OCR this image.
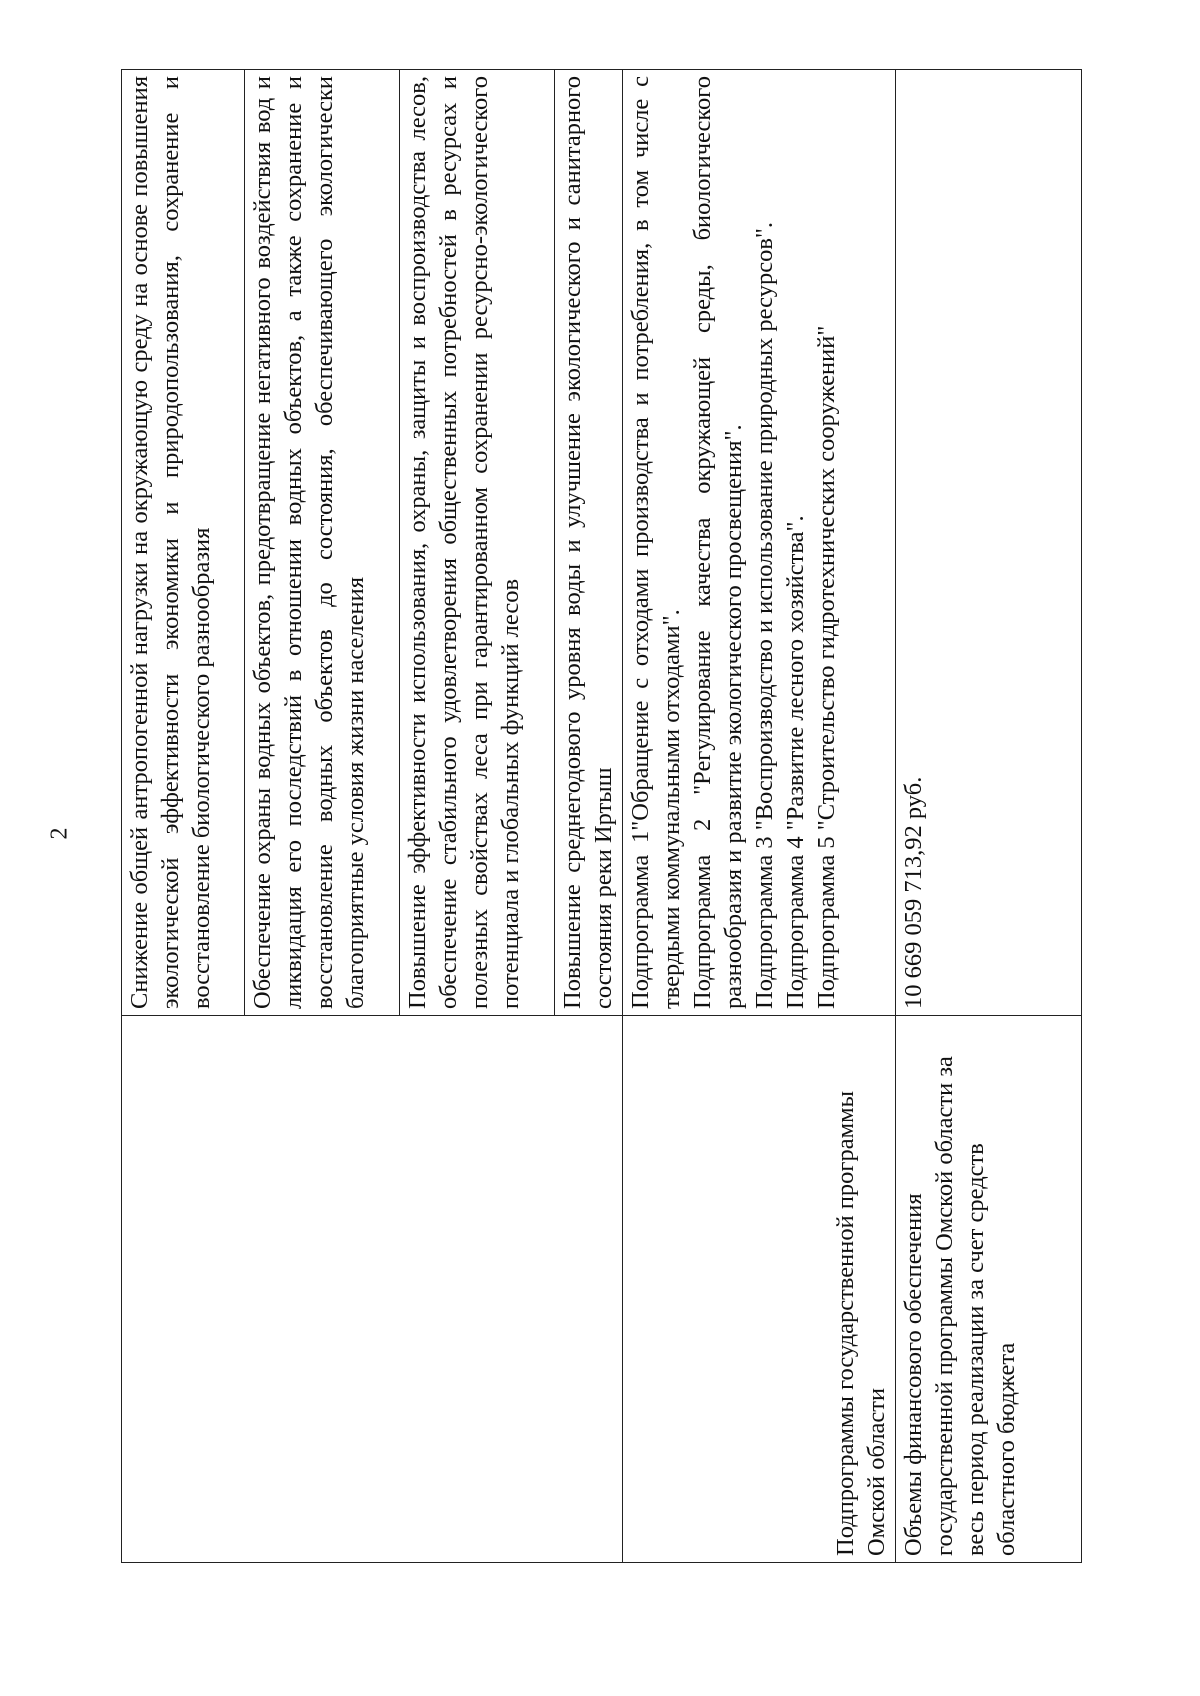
2
	Снижение общей антропогенной нагрузки на окружающую среду на основе повышения экологической эффективности экономики и природопользования, сохранение и восстановление биологического разнообразия
	Обеспечение охраны водных объектов, предотвращение негативного воздействия вод и ликвидация его последствий в отношении водных объектов, а также сохранение и восстановление водных объектов до состояния, обеспечивающего экологически благоприятные условия жизни населения
	Повышение эффективности использования, охраны, защиты и воспроизводства лесов, обеспечение стабильного удовлетворения общественных потребностей в ресурсах и полезных свойствах леса при гарантированном сохранении ресурсно-экологического потенциала и глобальных функций лесов
	Повышение среднегодового уровня воды и улучшение экологического и санитарного состояния реки Иртыш
Подпрограммы государственной программы Омской области	Подпрограмма 1"Обращение с отходами производства и потребления, в том числе с твердыми коммунальными отходами". Подпрограмма 2 "Регулирование качества окружающей среды, биологического разнообразия и развитие экологического просвещения". Подпрограмма 3 "Воспроизводство и использование природных ресурсов". Подпрограмма 4 "Развитие лесного хозяйства". Подпрограмма 5 "Строительство гидротехнических сооружений"

Объемы финансового обеспечения государственной программы Омской области за весь период реализации за счет средств областного бюджета	10 669 059 713,92 руб.
